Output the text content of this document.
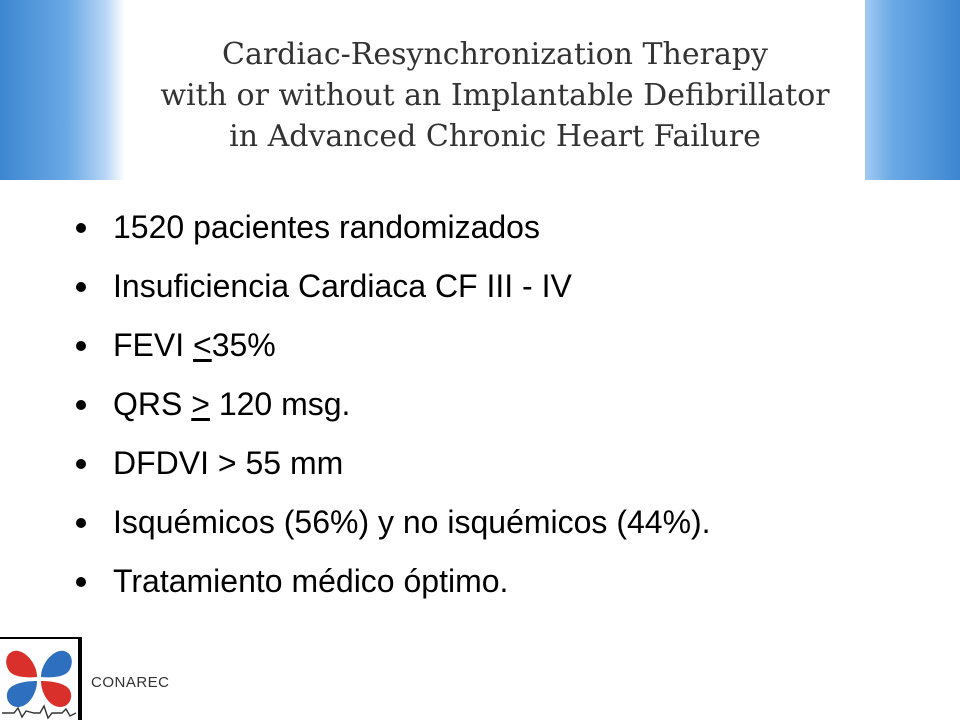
Cardiac-Resynchronization Therapy
with or without an Implantable Defibrillator
in Advanced Chronic Heart Failure
1520 pacientes randomizados
Insuficiencia Cardiaca CF III - IV
FEVI <35%
QRS > 120 msg.
DFDVI > 55 mm
Isquémicos (56%) y no isquémicos (44%).
Tratamiento médico óptimo.
CONAREC
